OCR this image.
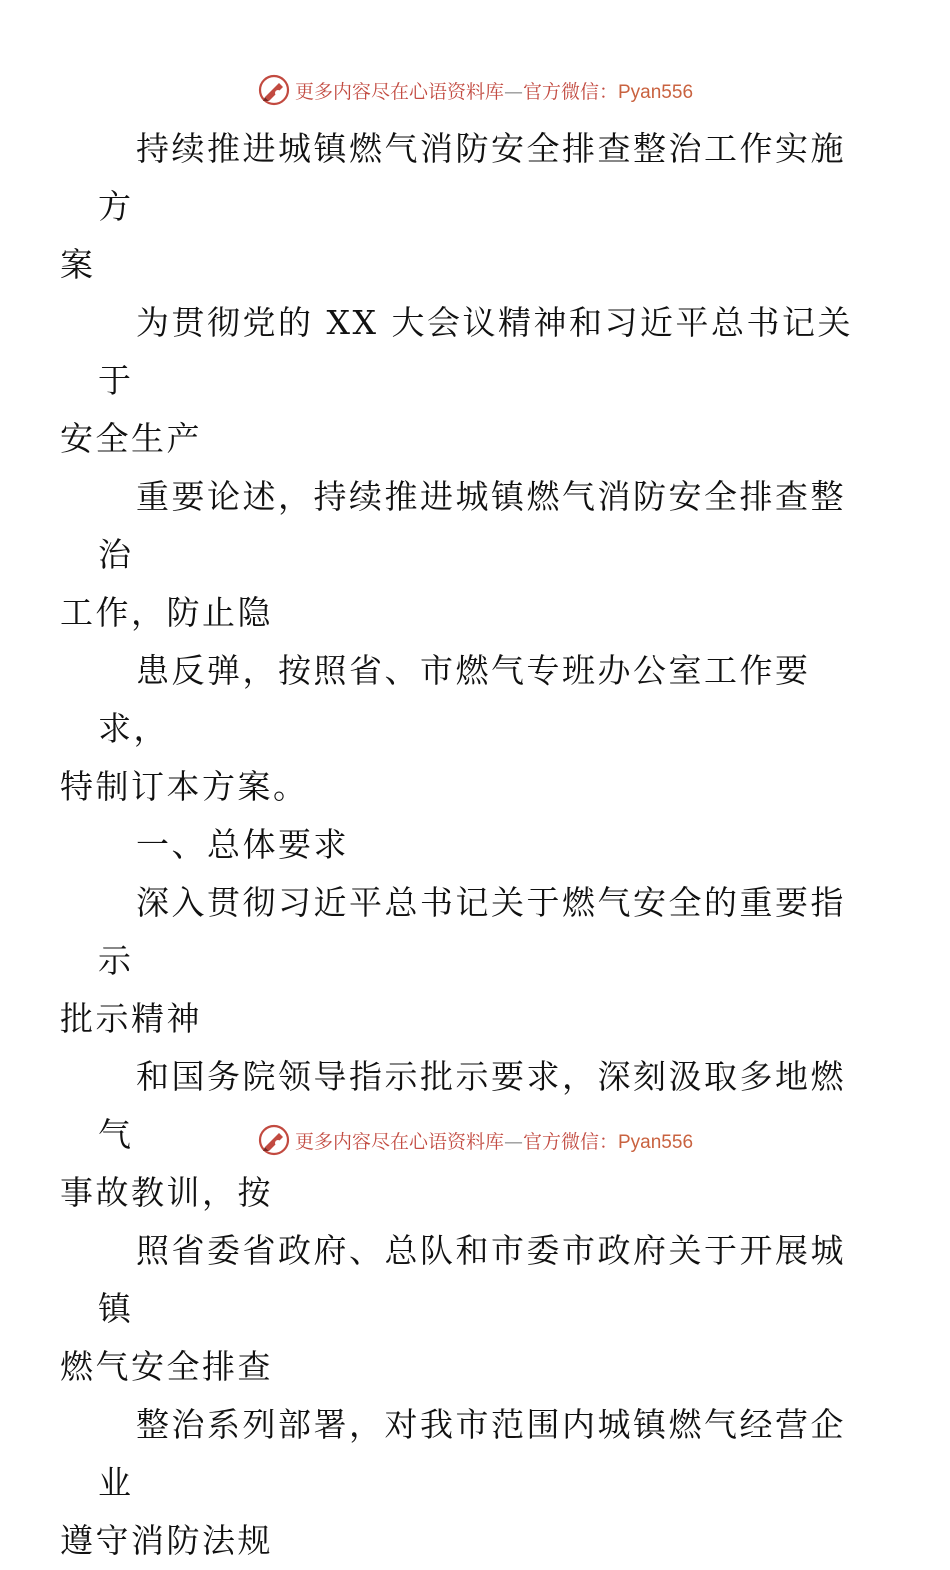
更多内容尽在心语资料库—官方微信：Pyan556

持续推进城镇燃气消防安全排查整治工作实施方
案

为贯彻党的 XX 大会议精神和习近平总书记关于
安全生产

重要论述，持续推进城镇燃气消防安全排查整治
工作，防止隐

患反弹，按照省、市燃气专班办公室工作要求，
特制订本方案。

一、总体要求

深入贯彻习近平总书记关于燃气安全的重要指示
批示精神

和国务院领导指示批示要求，深刻汲取多地燃气
事故教训，按

照省委省政府、总队和市委市政府关于开展城镇
燃气安全排查

整治系列部署，对我市范围内城镇燃气经营企业
遵守消防法规

更多内容尽在心语资料库—官方微信：Pyan556
